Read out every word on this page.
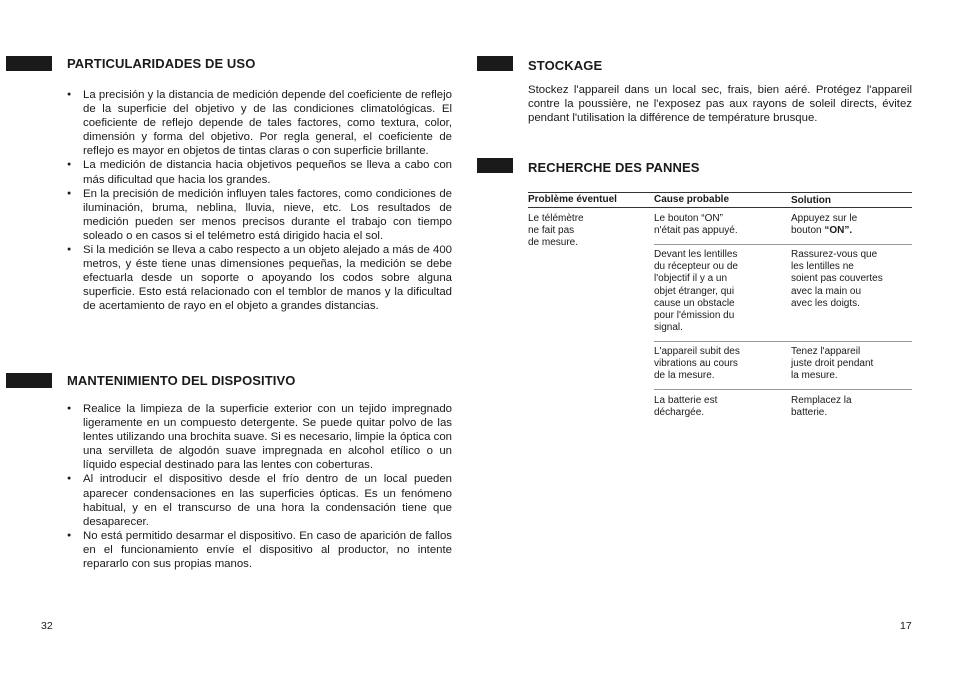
PARTICULARIDADES DE USO
● La precisión y la distancia de medición depende del coeficiente de reflejo de la superficie del objetivo y de las condiciones climatológicas. El coeficiente de reflejo depende de tales factores, como textura, color, dimensión y forma del objetivo. Por regla general, el coeficiente de reflejo es mayor en objetos de tintas claras o con superficie brillante.
● La medición de distancia hacia objetivos pequeños se lleva a cabo con más dificultad que hacia los grandes.
● En la precisión de medición influyen tales factores, como condiciones de iluminación, bruma, neblina, lluvia, nieve, etc. Los resultados de medición pueden ser menos precisos durante el trabajo con tiempo soleado o en casos si el telémetro está dirigido hacia el sol.
● Si la medición se lleva a cabo respecto a un objeto alejado a más de 400 metros, y éste tiene unas dimensiones pequeñas, la medición se debe efectuarla desde un soporte o apoyando los codos sobre alguna superficie. Esto está relacionado con el temblor de manos y la dificultad de acertamiento de rayo en el objeto a grandes distancias.
MANTENIMIENTO DEL DISPOSITIVO
● Realice la limpieza de la superficie exterior con un tejido impregnado ligeramente en un compuesto detergente. Se puede quitar polvo de las lentes utilizando una brochita suave. Si es necesario, limpie la óptica con una servilleta de algodón suave impregnada en alcohol etílico o un líquido especial destinado para las lentes con coberturas.
● Al introducir el dispositivo desde el frío dentro de un local pueden aparecer condensaciones en las superficies ópticas. Es un fenómeno habitual, y en el transcurso de una hora la condensación tiene que desaparecer.
● No está permitido desarmar el dispositivo. En caso de aparición de fallos en el funcionamiento envíe el dispositivo al productor, no intente repararlo con sus propias manos.
32
STOCKAGE
Stockez l'appareil dans un local sec, frais, bien aéré. Protégez l'appareil contre la poussière, ne l'exposez pas aux rayons de soleil directs, évitez pendant l'utilisation la différence de température brusque.
RECHERCHE DES PANNES
Problème éventuel	Cause probable	Solution
Le télémètre
ne fait pas
de mesure.
Le bouton “ON”
n'était pas appuyé.
Appuyez sur le
bouton “ON”.
Devant les lentilles
du récepteur ou de
l'objectif il y a un
objet étranger, qui
cause un obstacle
pour l'émission du
signal.
Rassurez-vous que
les lentilles ne
soient pas couvertes
avec la main ou
avec les doigts.
L'appareil subit des
vibrations au cours
de la mesure.
Tenez l'appareil
juste droit pendant
la mesure.
La batterie est
déchargée.
Remplacez la
batterie.
17
